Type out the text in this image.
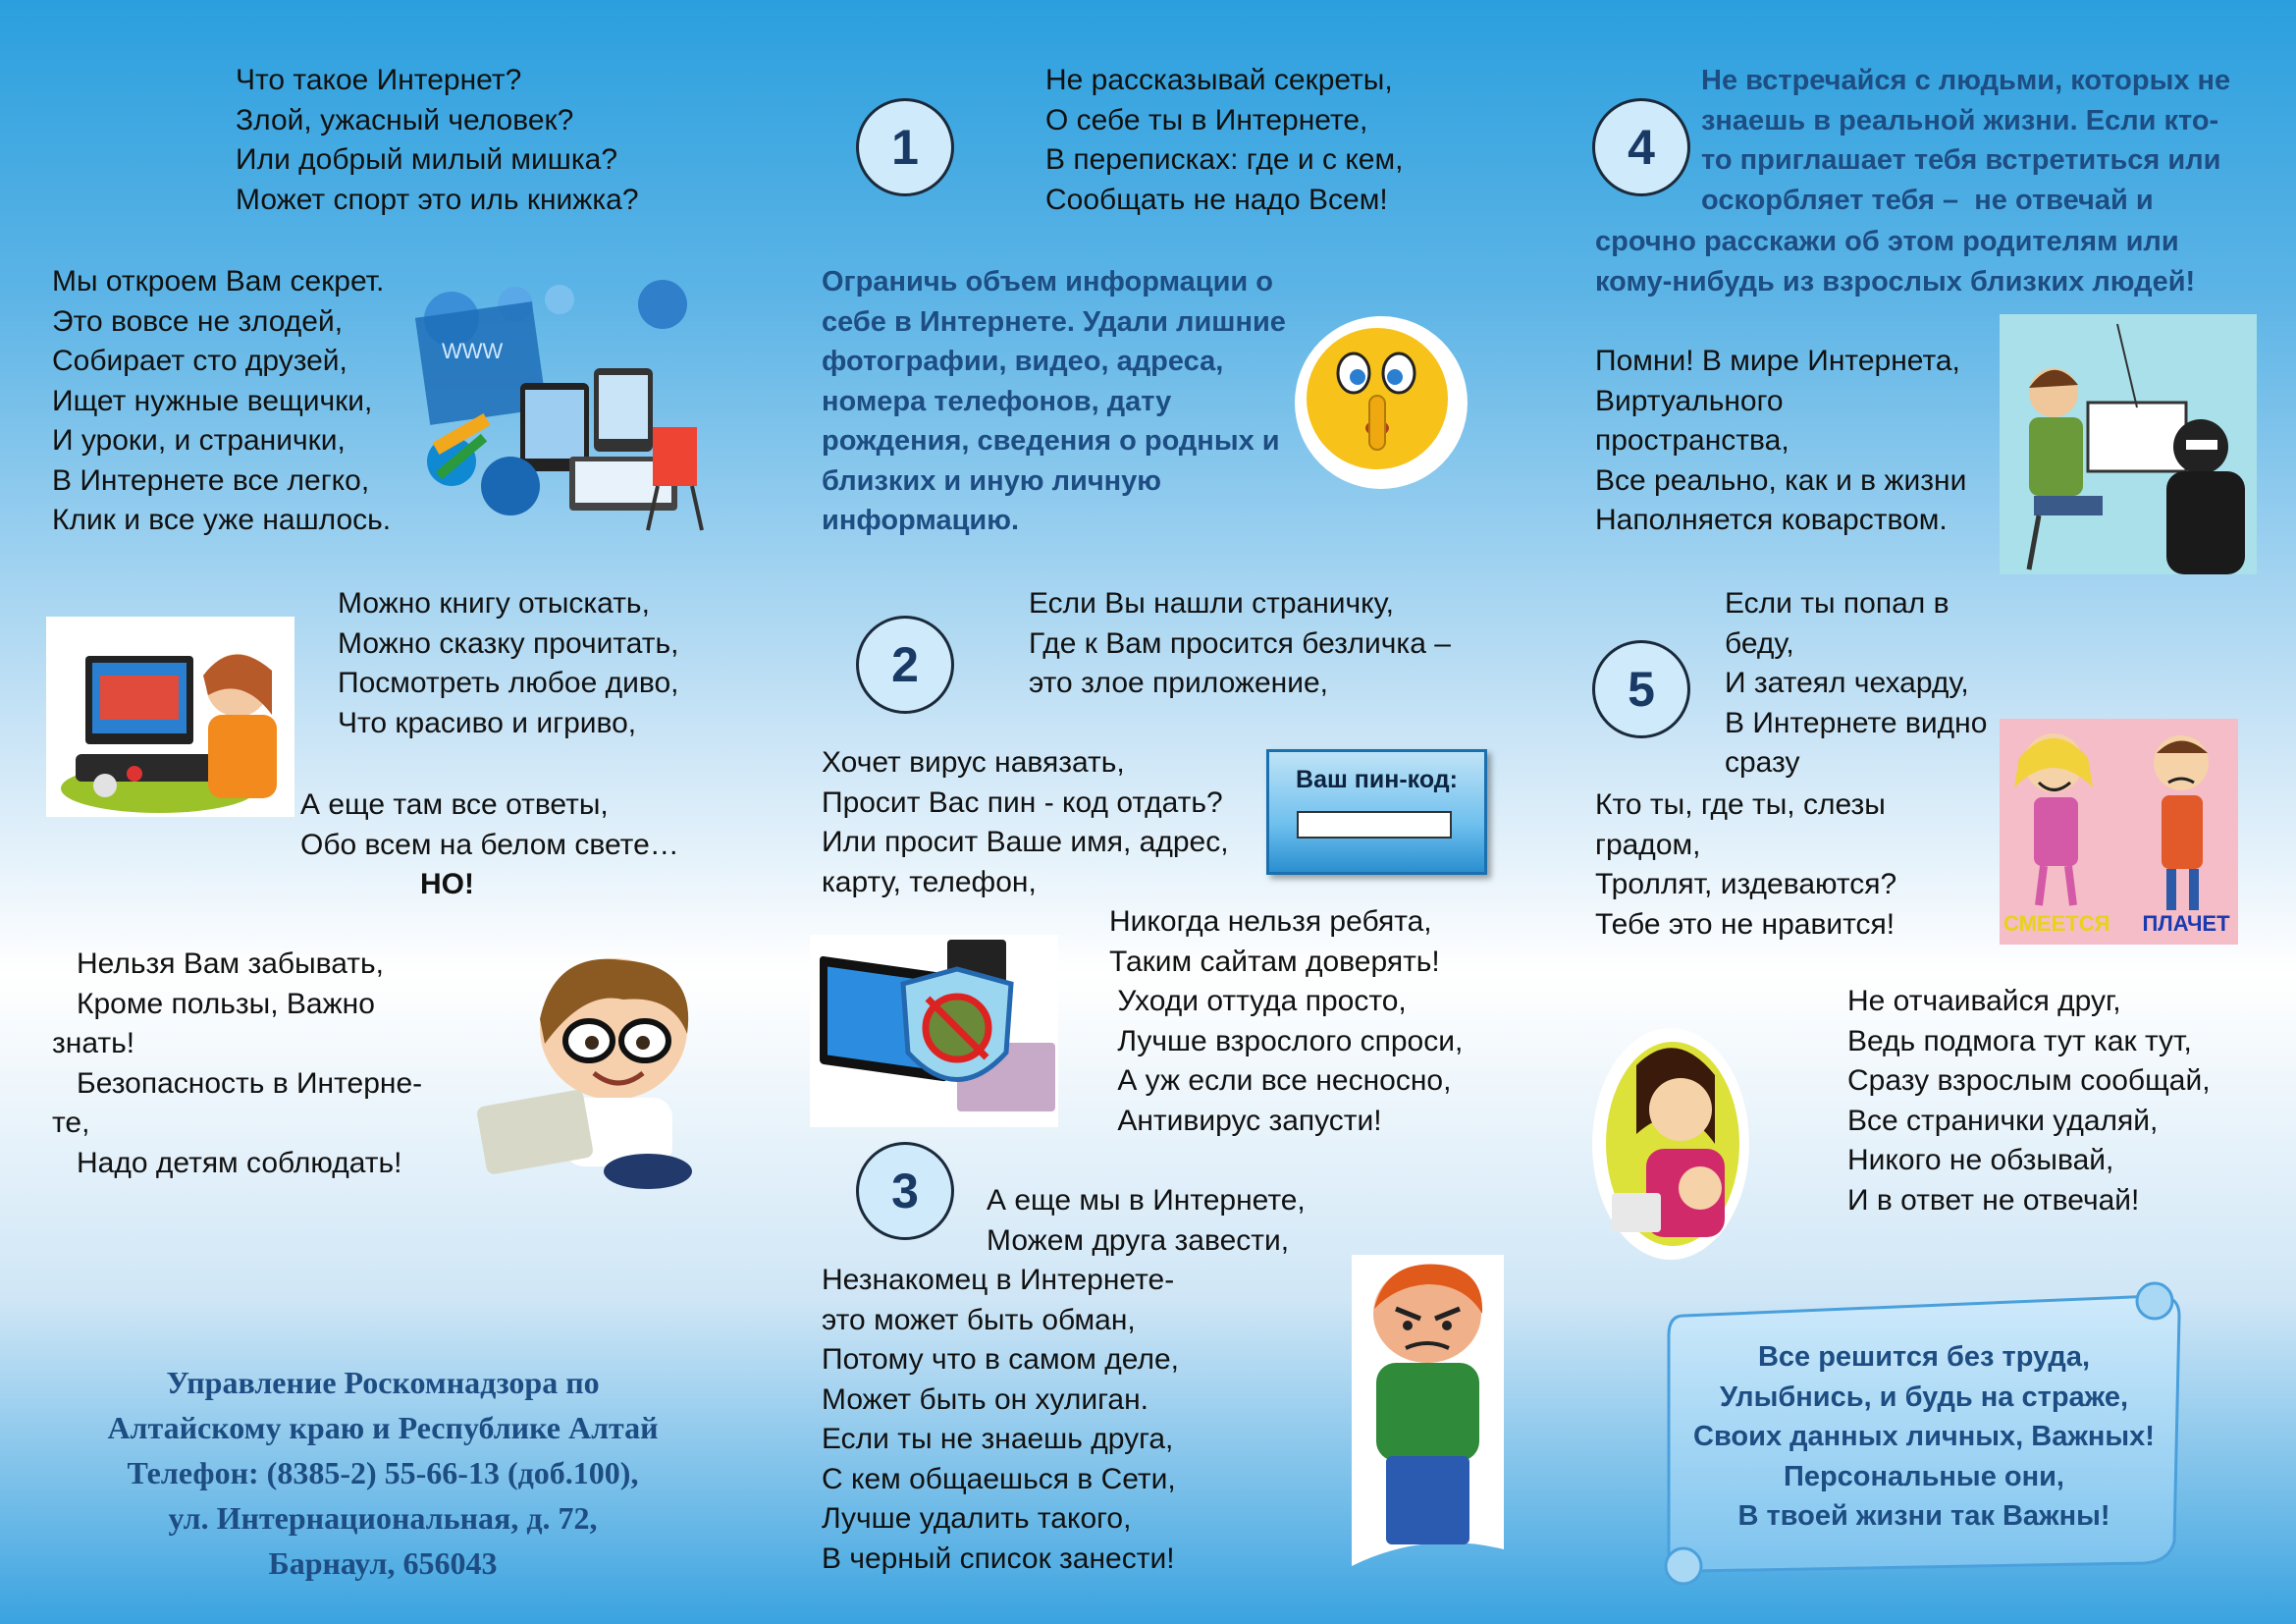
Что такое Интернет?
Злой, ужасный человек?
Или добрый милый мишка?
Может спорт это иль книжка?
Мы откроем Вам секрет.
Это вовсе не злодей,
Собирает сто друзей,
Ищет нужные вещички,
И уроки, и странички,
В Интернете все легко,
Клик и все уже нашлось.
WWW
Можно книгу отыскать,
Можно сказку прочитать,
Посмотреть любое диво,
Что красиво и игриво,
А еще там все ответы,
Обо всем на белом свете…
НО!
Нельзя Вам забывать,
Кроме пользы, Важно
знать!
Безопасность в Интерне-
те,
Надо детям соблюдать!
Управление Роскомнадзора по
Алтайскому краю и Республике Алтай
Телефон: (8385-2) 55-66-13 (доб.100),
ул. Интернациональная, д. 72,
Барнаул, 656043
1
Не рассказывай секреты,
О себе ты в Интернете,
В переписках: где и с кем,
Сообщать не надо Всем!
Ограничь объем информации о
себе в Интернете. Удали лишние
фотографии, видео, адреса,
номера телефонов, дату
рождения, сведения о родных и
близких и иную личную
информацию.
2
Если Вы нашли страничку,
Где к Вам просится безличка –
это злое приложение,
Хочет вирус навязать,
Просит Вас пин - код отдать?
Или просит Ваше имя, адрес,
карту, телефон,
Ваш пин-код:
Никогда нельзя ребята,
Таким сайтам доверять!
Уходи оттуда просто,
Лучше взрослого спроси,
А уж если все несносно,
Антивирус запусти!
3	А еще мы в Интернете,
Можем друга завести,
Незнакомец в Интернете-
это может быть обман,
Потому что в самом деле,
Может быть он хулиган.
Если ты не знаешь друга,
С кем общаешься в Сети,
Лучше удалить такого,
В черный список занести!
4
Не встречайся с людьми, которых не
знаешь в реальной жизни. Если кто-
то приглашает тебя встретиться или
оскорбляет тебя –  не отвечай и
срочно расскажи об этом родителям или
кому-нибудь из взрослых близких людей!
Помни! В мире Интернета,
Виртуального
пространства,
Все реально, как и в жизни
Наполняется коварством.
5
Если ты попал в
беду,
И затеял чехарду,
В Интернете видно
сразу
Кто ты, где ты, слезы
градом,
Троллят, издеваются?
Тебе это не нравится!	СМЕЕТСЯ ПЛАЧЕТ
Не отчаивайся друг,
Ведь подмога тут как тут,
Сразу взрослым сообщай,
Все странички удаляй,
Никого не обзывай,
И в ответ не отвечай!
Все решится без труда,
Улыбнись, и будь на страже,
Своих данных личных, Важных!
Персональные они,
В твоей жизни так Важны!
